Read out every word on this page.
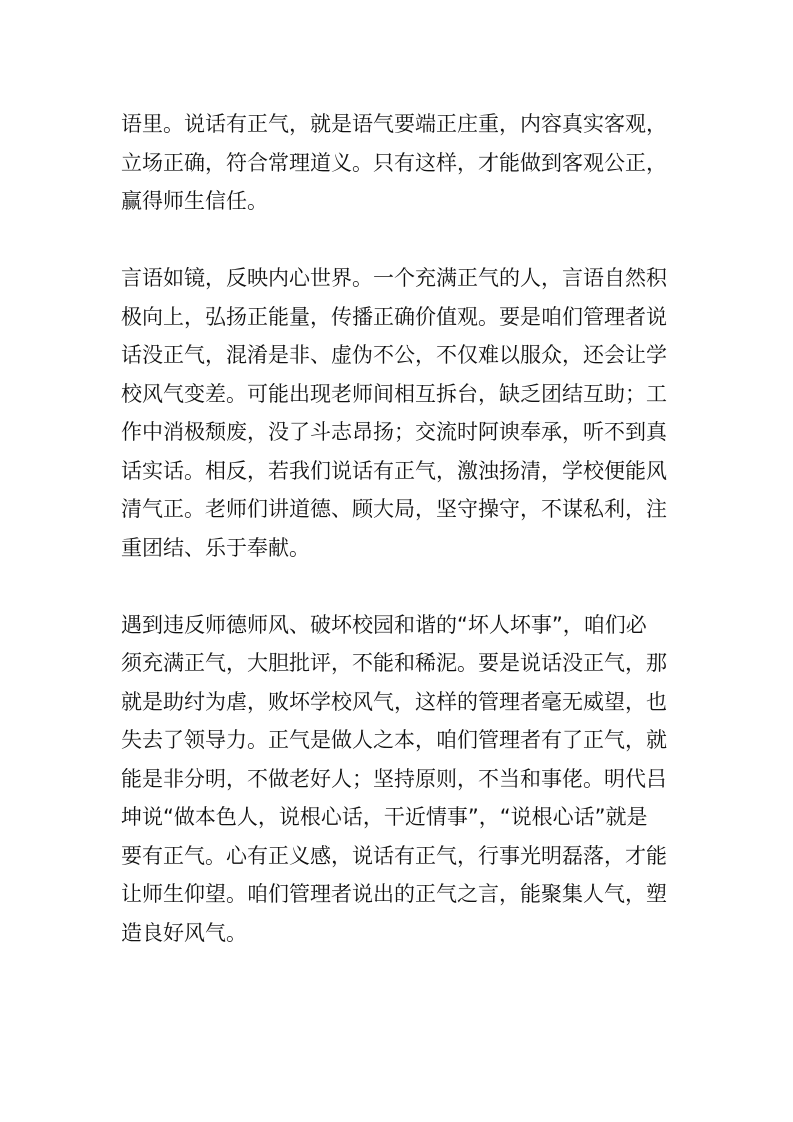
语里。说话有正气，就是语气要端正庄重，内容真实客观，
立场正确，符合常理道义。只有这样，才能做到客观公正，
赢得师生信任。
言语如镜，反映内心世界。一个充满正气的人，言语自然积
极向上，弘扬正能量，传播正确价值观。要是咱们管理者说
话没正气，混淆是非、虚伪不公，不仅难以服众，还会让学
校风气变差。可能出现老师间相互拆台，缺乏团结互助；工
作中消极颓废，没了斗志昂扬；交流时阿谀奉承，听不到真
话实话。相反，若我们说话有正气，激浊扬清，学校便能风
清气正。老师们讲道德、顾大局，坚守操守，不谋私利，注
重团结、乐于奉献。
遇到违反师德师风、破坏校园和谐的“坏人坏事”，咱们必
须充满正气，大胆批评，不能和稀泥。要是说话没正气，那
就是助纣为虐，败坏学校风气，这样的管理者毫无威望，也
失去了领导力。正气是做人之本，咱们管理者有了正气，就
能是非分明，不做老好人；坚持原则，不当和事佬。明代吕
坤说“做本色人，说根心话，干近情事”，“说根心话”就是
要有正气。心有正义感，说话有正气，行事光明磊落，才能
让师生仰望。咱们管理者说出的正气之言，能聚集人气，塑
造良好风气。
